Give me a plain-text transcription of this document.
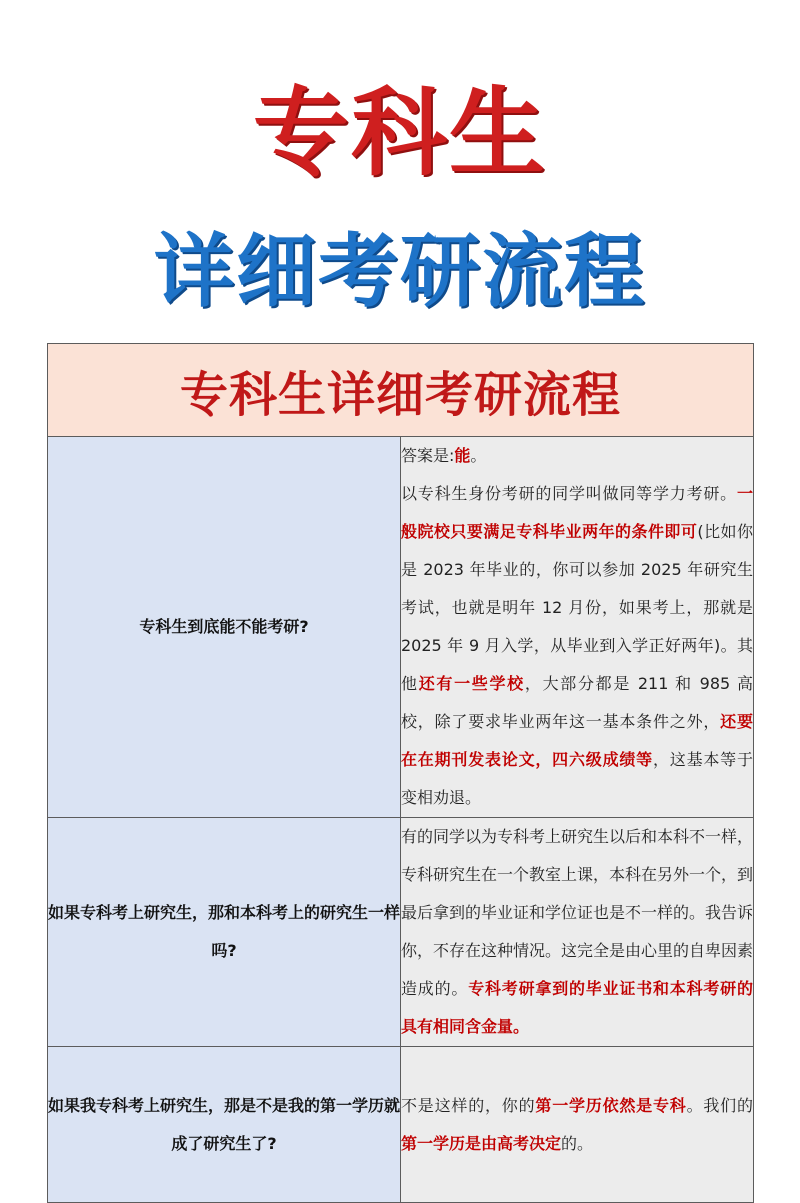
专科生
详细考研流程
专科生详细考研流程	
专科生到底能不能考研?	答案是:能。

以专科生身份考研的同学叫做同等学力考研。一般院校只要满足专科毕业两年的条件即可(比如你是 2023 年毕业的，你可以参加 2025 年研究生考试，也就是明年 12 月份，如果考上，那就是 2025 年 9 月入学，从毕业到入学正好两年)。其他还有一些学校，大部分都是 211 和 985 高校，除了要求毕业两年这一基本条件之外，还要在在期刊发表论文，四六级成绩等，这基本等于变相劝退。

如果专科考上研究生，那和本科考上的研究生一样吗?	有的同学以为专科考上研究生以后和本科不一样，专科研究生在一个教室上课，本科在另外一个，到最后拿到的毕业证和学位证也是不一样的。我告诉你，不存在这种情况。这完全是由心里的自卑因素造成的。专科考研拿到的毕业证书和本科考研的具有相同含金量。

如果我专科考上研究生，那是不是我的第一学历就成了研究生了?	不是这样的，你的第一学历依然是专科。我们的第一学历是由高考决定的。
